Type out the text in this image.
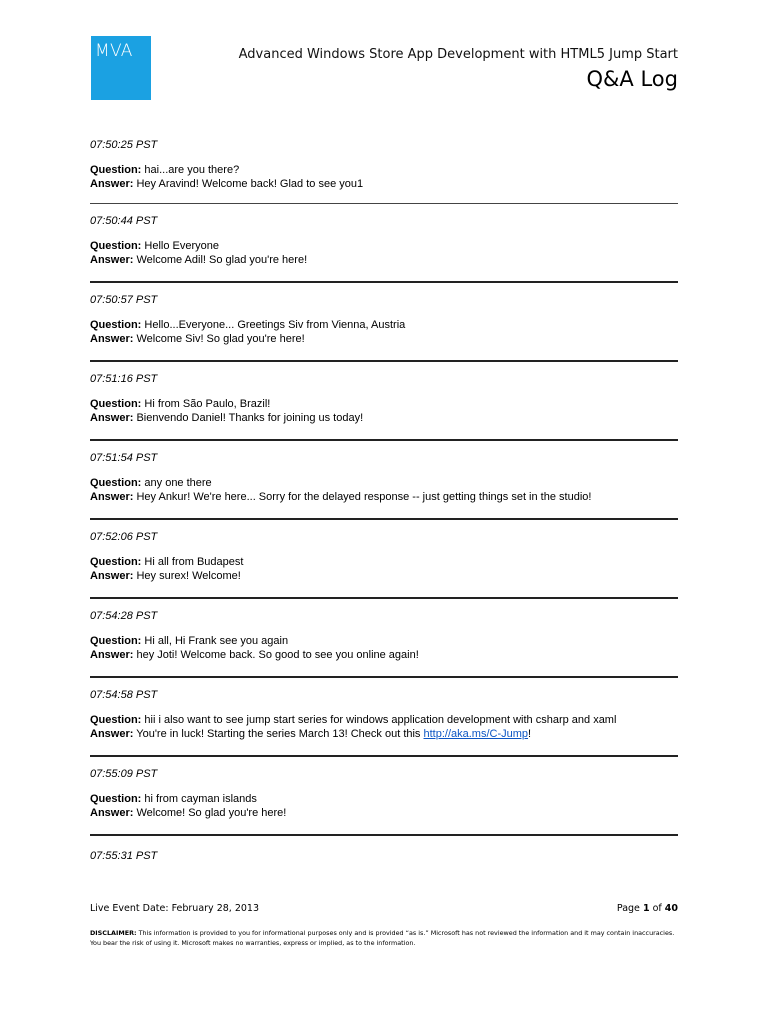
MVA	Advanced Windows Store App Development with HTML5 Jump Start
Q&A Log
07:50:25 PST
Question: hai...are you there?
Answer: Hey Aravind! Welcome back! Glad to see you1
07:50:44 PST
Question: Hello Everyone
Answer: Welcome Adil! So glad you're here!
07:50:57 PST
Question: Hello...Everyone... Greetings Siv from Vienna, Austria
Answer: Welcome Siv! So glad you're here!
07:51:16 PST
Question: Hi from São Paulo, Brazil!
Answer: Bienvendo Daniel! Thanks for joining us today!
07:51:54 PST
Question: any one there
Answer: Hey Ankur! We're here... Sorry for the delayed response -- just getting things set in the studio!
07:52:06 PST
Question: Hi all from Budapest
Answer: Hey surex! Welcome!
07:54:28 PST
Question: Hi all, Hi Frank see you again
Answer: hey Joti! Welcome back. So good to see you online again!
07:54:58 PST
Question: hii i also want to see jump start series for windows application development with csharp and xaml
Answer: You're in luck! Starting the series March 13! Check out this http://aka.ms/C-Jump!
07:55:09 PST
Question: hi from cayman islands
Answer: Welcome! So glad you're here!
07:55:31 PST
Live Event Date: February 28, 2013	Page 1 of 40
DISCLAIMER: This information is provided to you for informational purposes only and is provided “as is.” Microsoft has not reviewed the information and it may contain inaccuracies. You bear the risk of using it. Microsoft makes no warranties, express or implied, as to the information.
